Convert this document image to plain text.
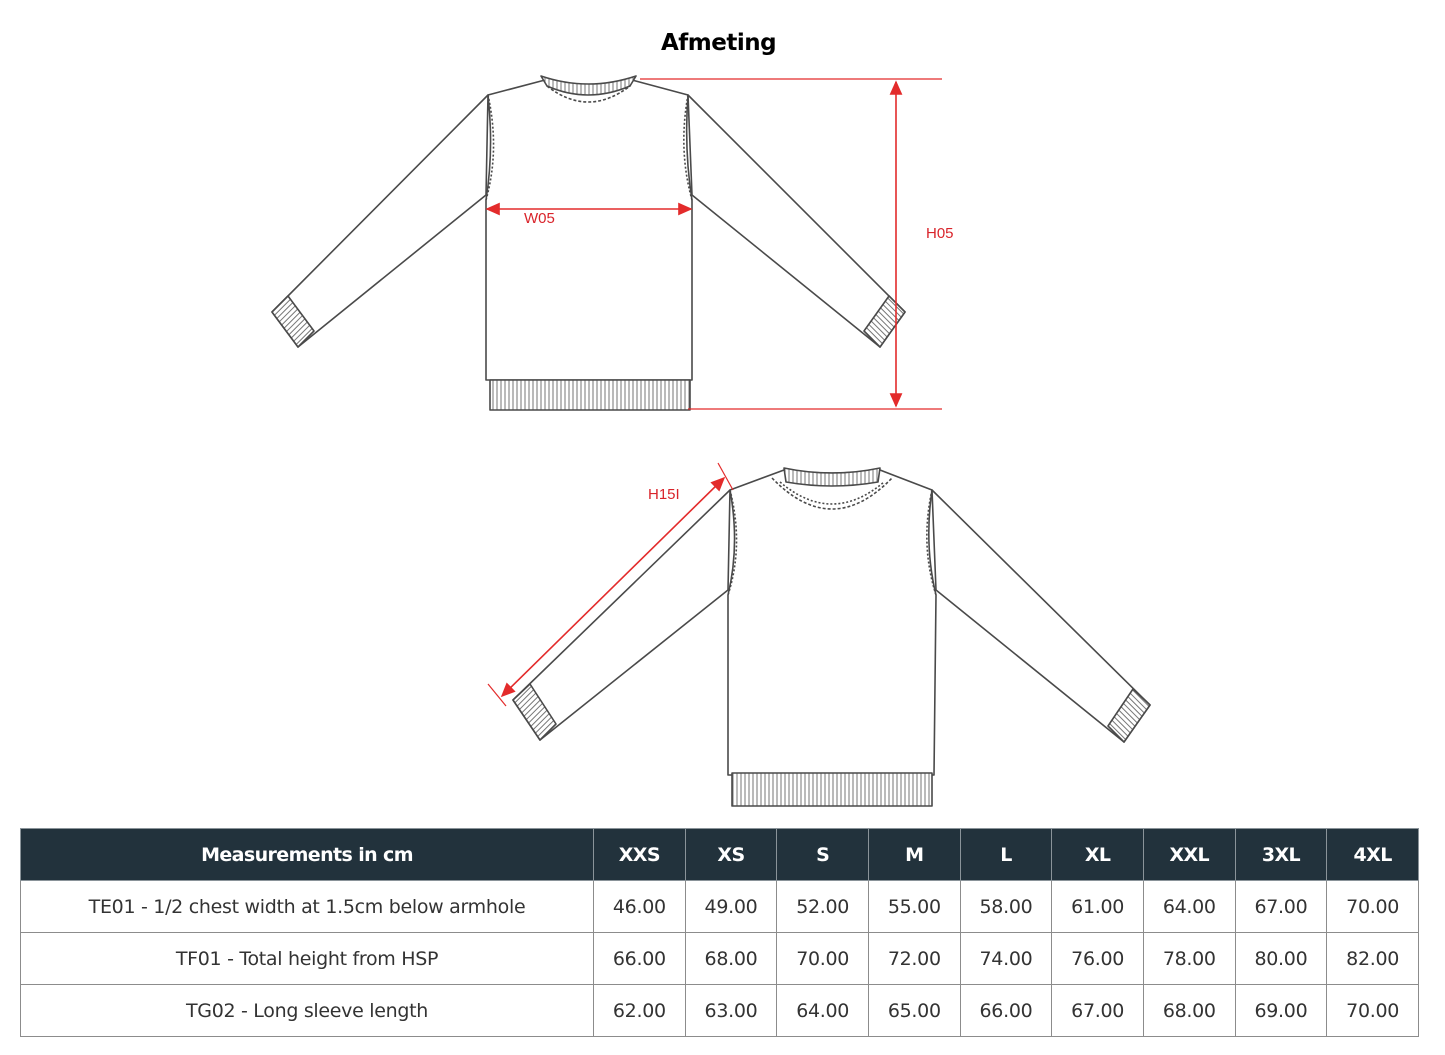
Afmeting
W05
H05
H15I
Measurements in cm	XXS	XS	S	M	L	XL	XXL	3XL	4XL
TE01 - 1/2 chest width at 1.5cm below armhole	46.00	49.00	52.00	55.00	58.00	61.00	64.00	67.00	70.00
TF01 - Total height from HSP	66.00	68.00	70.00	72.00	74.00	76.00	78.00	80.00	82.00
TG02 - Long sleeve length	62.00	63.00	64.00	65.00	66.00	67.00	68.00	69.00	70.00
